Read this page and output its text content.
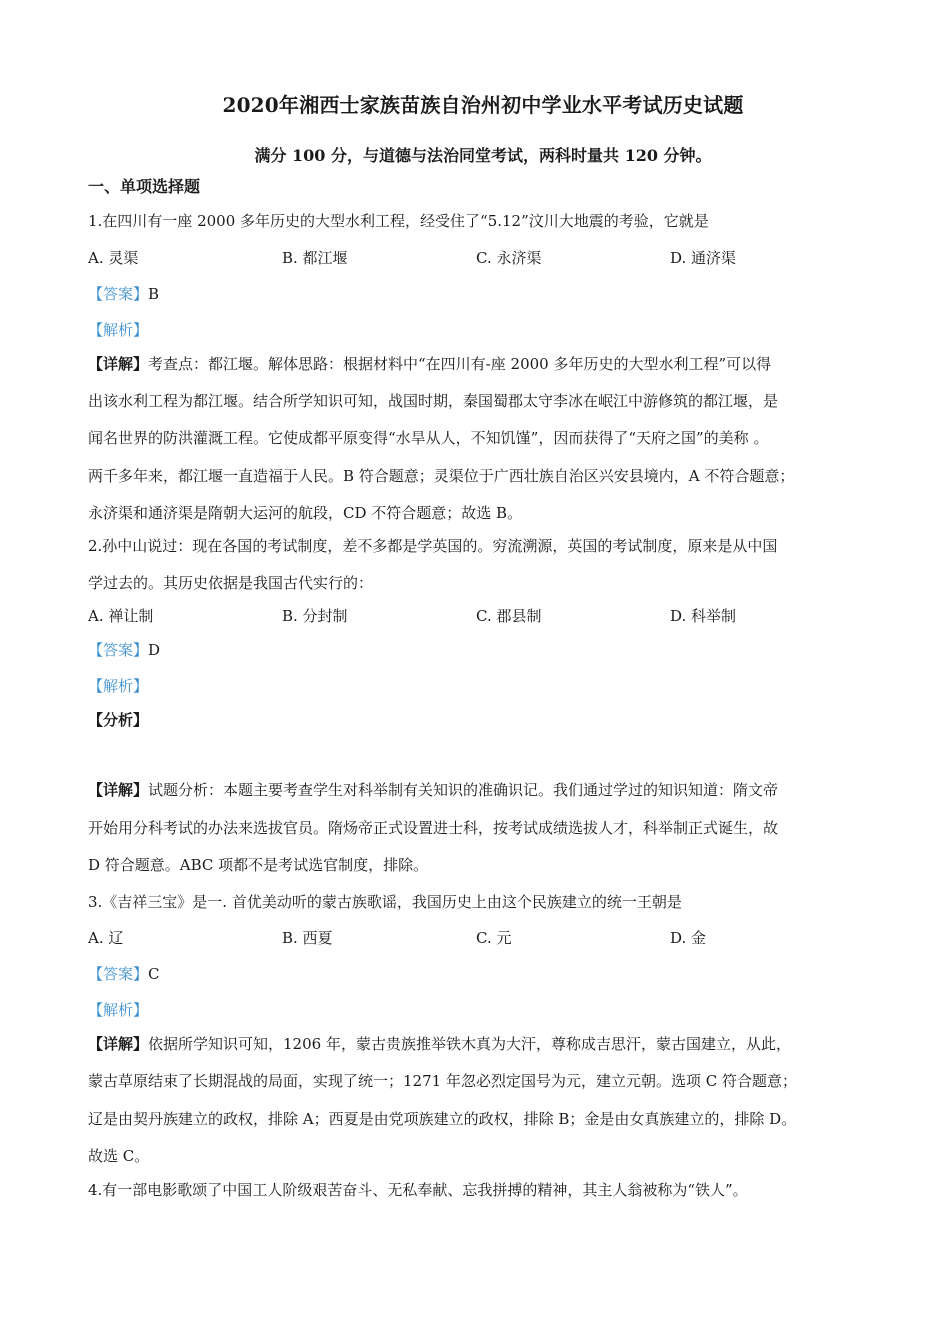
2020年湘西士家族苗族自治州初中学业水平考试历史试题
满分 100 分，与道德与法治同堂考试，两科时量共 120 分钟。
一、单项选择题
1.在四川有一座 2000 多年历史的大型水利工程，经受住了“5.12”汶川大地震的考验，它就是
A. 灵渠	B. 都江堰	C. 永济渠	D. 通济渠
【答案】B
【解析】
【详解】考查点：都江堰。解体思路：根据材料中“在四川有-座 2000 多年历史的大型水利工程”可以得
出该水利工程为都江堰。结合所学知识可知，战国时期，秦国蜀郡太守李冰在岷江中游修筑的都江堰，是
闻名世界的防洪灌溉工程。它使成都平原变得“水旱从人，不知饥馑”，因而获得了“天府之国”的美称 。
两千多年来，都江堰一直造福于人民。B 符合题意；灵渠位于广西壮族自治区兴安县境内，A 不符合题意；
永济渠和通济渠是隋朝大运河的航段，CD 不符合题意；故选 B。
2.孙中山说过：现在各国的考试制度，差不多都是学英国的。穷流溯源，英国的考试制度，原来是从中国
学过去的。其历史依据是我国古代实行的：
A. 禅让制	B. 分封制	C. 郡县制	D. 科举制
【答案】D
【解析】
【分析】
【详解】试题分析：本题主要考查学生对科举制有关知识的准确识记。我们通过学过的知识知道：隋文帝
开始用分科考试的办法来选拔官员。隋炀帝正式设置进士科，按考试成绩选拔人才，科举制正式诞生，故
D 符合题意。ABC 项都不是考试选官制度，排除。
3.《吉祥三宝》是一. 首优美动听的蒙古族歌谣，我国历史上由这个民族建立的统一王朝是
A. 辽	B. 西夏	C. 元	D. 金
【答案】C
【解析】
【详解】依据所学知识可知，1206 年，蒙古贵族推举铁木真为大汗，尊称成吉思汗，蒙古国建立，从此，
蒙古草原结束了长期混战的局面，实现了统一；1271 年忽必烈定国号为元，建立元朝。选项 C 符合题意；
辽是由契丹族建立的政权，排除 A；西夏是由党项族建立的政权，排除 B；金是由女真族建立的，排除 D。
故选 C。
4.有一部电影歌颂了中国工人阶级艰苦奋斗、无私奉献、忘我拼搏的精神，其主人翁被称为“铁人”。
